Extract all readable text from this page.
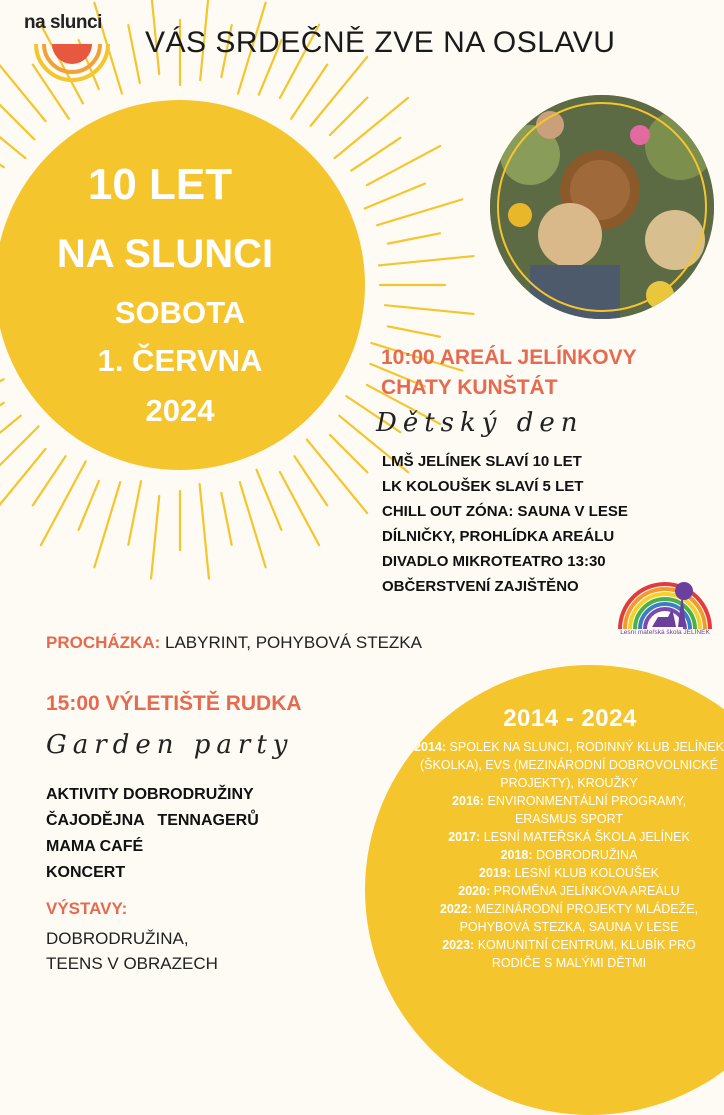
na slunci
VÁS SRDEČNĚ ZVE NA OSLAVU
10 LET
NA SLUNCI
SOBOTA
1. ČERVNA
2024
10:00 AREÁL JELÍNKOVY
CHATY KUNŠTÁT
Dětský den
LMŠ JELÍNEK SLAVÍ 10 LET
LK KOLOUŠEK SLAVÍ 5 LET
CHILL OUT ZÓNA: SAUNA V LESE
DÍLNIČKY, PROHLÍDKA AREÁLU
DIVADLO MIKROTEATRO 13:30
OBČERSTVENÍ ZAJIŠTĚNO
Lesní mateřská škola JELÍNEK
PROCHÁZKA: LABYRINT, POHYBOVÁ STEZKA
15:00 VÝLETIŠTĚ RUDKA
Garden party
AKTIVITY DOBRODRUŽINY
ČAJODĚJNA   TENNAGERŮ
MAMA CAFÉ
KONCERT
VÝSTAVY:
DOBRODRUŽINA,
TEENS V OBRAZECH
2014 - 2024
2014: SPOLEK NA SLUNCI, RODINNÝ KLUB JELÍNEK (ŠKOLKA), EVS (MEZINÁRODNÍ DOBROVOLNICKÉ PROJEKTY), KROUŽKY
2016: ENVIRONMENTÁLNÍ PROGRAMY, ERASMUS SPORT
2017: LESNÍ MATEŘSKÁ ŠKOLA JELÍNEK
2018: DOBRODRUŽINA
2019: LESNÍ KLUB KOLOUŠEK
2020: PROMĚNA JELÍNKOVA AREÁLU
2022: MEZINÁRODNÍ PROJEKTY MLÁDEŽE, POHYBOVÁ STEZKA, SAUNA V LESE
2023: KOMUNITNÍ CENTRUM, KLUBÍK PRO RODIČE S MALÝMI DĚTMI
